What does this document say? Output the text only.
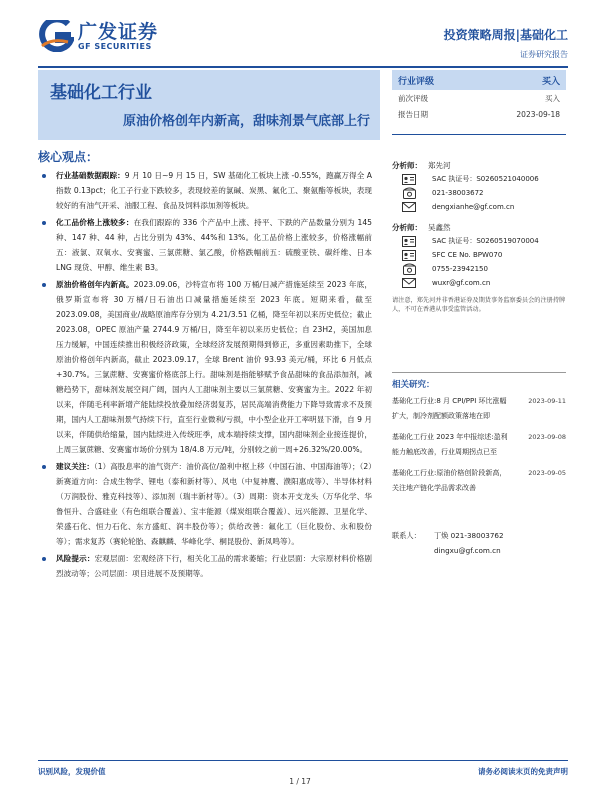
广发证券
GF SECURITIES
投资策略周报|基础化工
证券研究报告
基础化工行业
原油价格创年内新高，甜味剂景气底部上行
行业评级	买入
前次评级	买入
报告日期	2023-09-18
核心观点：
行业基础数据跟踪：9 月 10 日~9 月 15 日，SW 基础化工板块上涨 -0.55%，跑赢万得全 A 指数 0.13pct；化工子行业下跌较多，表现较差的氯碱、炭黑、氟化工、聚氨酯等板块，表现较好的有油气开采、油服工程、食品及饲料添加剂等板块。
化工品价格上涨较多：在我们跟踪的 336 个产品中上涨、持平、下跌的产品数量分别为 145 种、147 种、44 种，占比分别为 43%、44%和 13%。化工品价格上涨较多，价格涨幅前五：液氯、双氧水、安赛蜜、三氯蔗糖、氯乙酸，价格跌幅前五：硫酸亚铁、碳纤维、日本 LNG 现货、甲醇、维生素 B3。
原油价格创年内新高。2023.09.06，沙特宣布将 100 万桶/日减产措施延续至 2023 年底，俄罗斯宣布将 30 万桶/日石油出口减量措施延续至 2023 年底。短期来看，截至 2023.09.08，美国商业/战略原油库存分别为 4.21/3.51 亿桶，降至年初以来历史低位；截止 2023.08，OPEC 原油产量 2744.9 万桶/日，降至年初以来历史低位；自 23H2，美国加息压力缓解，中国连续推出积极经济政策，全球经济发展预期得到修正，多重因素助推下，全球原油价格创年内新高，截止 2023.09.17，全球 Brent 油价 93.93 美元/桶，环比 6 月低点+30.7%。三氯蔗糖、安赛蜜价格底部上行。甜味剂是指能够赋予食品甜味的食品添加剂，减糖趋势下，甜味剂发展空间广阔，国内人工甜味剂主要以三氯蔗糖、安赛蜜为主。2022 年初以来，伴随毛利率新增产能陆续投放叠加经济弱复苏，居民高端消费能力下降导致需求不及预期，国内人工甜味剂景气持续下行，直至行业微利/亏损，中小型企业开工率明显下滑，自 9 月以来，伴随供给缩量，国内陆续进入传统旺季，成本端持续支撑，国内甜味剂企业接连提价，上周三氯蔗糖、安赛蜜市场价分别为 18/4.8 万元/吨，分别较之前一周+26.32%/20.00%。
建议关注：（1）高股息率的油气资产：油价高位/盈利中枢上移（中国石油、中国海油等）；（2）新赛道方向：合成生物学、锂电（泰和新材等）、风电（中复神鹰、濮阳惠成等）、半导体材料（万润股份、雅克科技等）、添加剂（瑞丰新材等）。（3）周期：资本开支龙头（万华化学、华鲁恒升、合盛硅业（有色组联合覆盖）、宝丰能源（煤炭组联合覆盖）、远兴能源、卫星化学、荣盛石化、恒力石化、东方盛虹、润丰股份等）；供给改善：氟化工（巨化股份、永和股份等）；需求复苏（赛轮轮胎、森麒麟、华峰化学、桐昆股份、新凤鸣等）。
风险提示：宏观层面：宏观经济下行，相关化工品的需求萎缩；行业层面：大宗原材料价格剧烈波动等；公司层面：项目进展不及预期等。
分析师： 郑先河
SAC 执证号：S0260521040006
021-38003672
dengxianhe@gf.com.cn
分析师： 吴鑫然
SAC 执证号：S0260519070004
SFC CE No. BPW070
0755-23942150
wuxr@gf.com.cn
请注意，郑先河并非香港证券及期货事务监察委员会的注册持牌人，不可在香港从事受监管活动。
相关研究：
基础化工行业:8 月 CPI/PPI 环比涨幅扩大，制冷剂配额政策落地在即
2023-09-11
基础化工行业 2023 年中报综述:盈利能力触底改善，行业周期拐点已至
2023-09-08
基础化工行业:原油价格创阶段新高，关注地产链化学品需求改善
2023-09-05
联系人：	丁焕 021-38003762
dingxu@gf.com.cn
识别风险，发现价值
1 / 17
请务必阅读末页的免责声明
